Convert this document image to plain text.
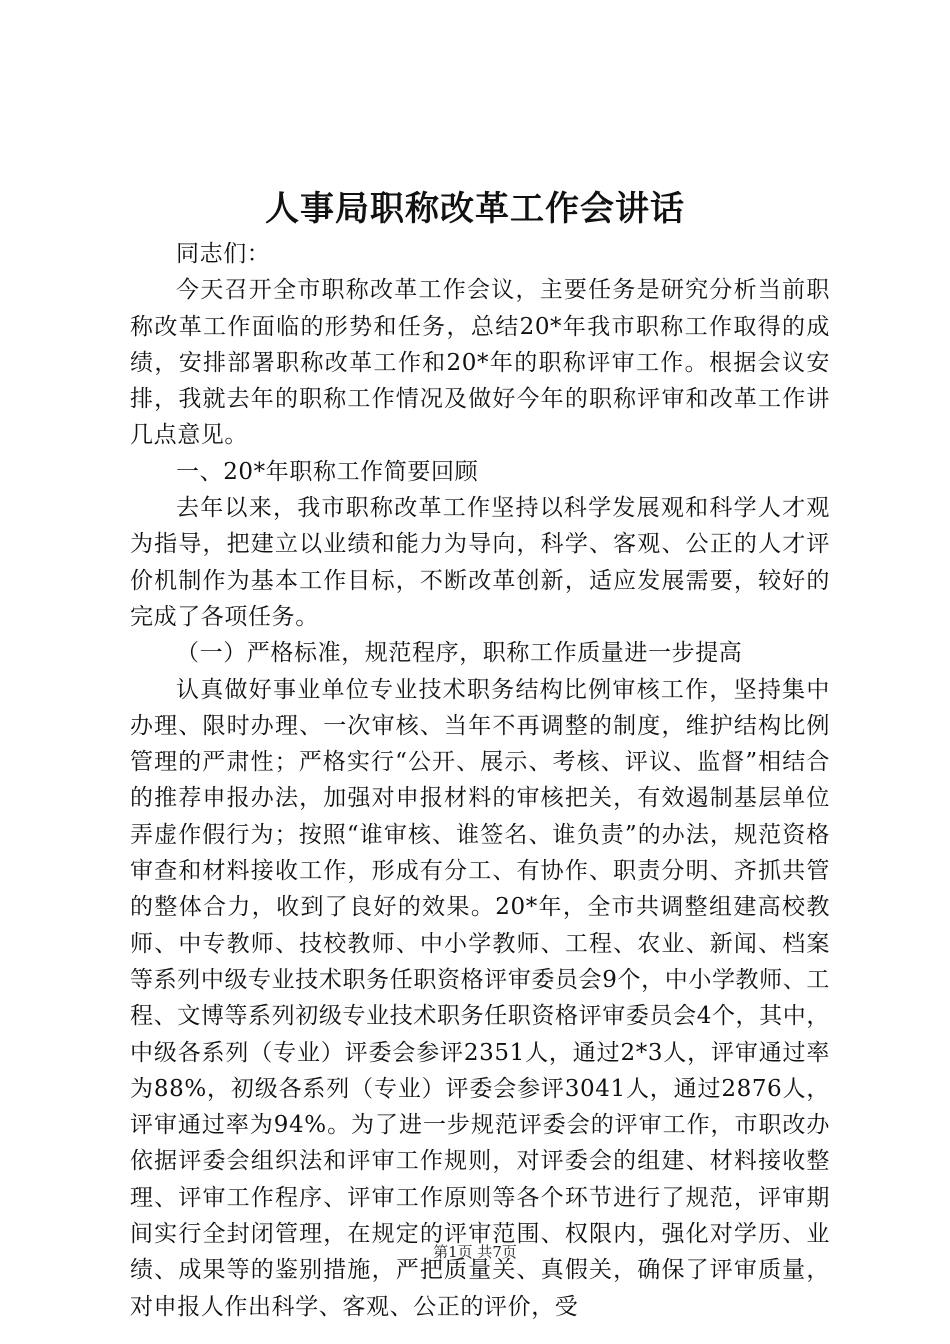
人事局职称改革工作会讲话

同志们：

今天召开全市职称改革工作会议，主要任务是研究分析当前职称改革工作面临的形势和任务，总结20*年我市职称工作取得的成绩，安排部署职称改革工作和20*年的职称评审工作。根据会议安排，我就去年的职称工作情况及做好今年的职称评审和改革工作讲几点意见。

一、20*年职称工作简要回顾

去年以来，我市职称改革工作坚持以科学发展观和科学人才观为指导，把建立以业绩和能力为导向，科学、客观、公正的人才评价机制作为基本工作目标，不断改革创新，适应发展需要，较好的完成了各项任务。

（一）严格标准，规范程序，职称工作质量进一步提高

认真做好事业单位专业技术职务结构比例审核工作，坚持集中办理、限时办理、一次审核、当年不再调整的制度，维护结构比例管理的严肃性；严格实行“公开、展示、考核、评议、监督”相结合的推荐申报办法，加强对申报材料的审核把关，有效遏制基层单位弄虚作假行为；按照“谁审核、谁签名、谁负责”的办法，规范资格审查和材料接收工作，形成有分工、有协作、职责分明、齐抓共管的整体合力，收到了良好的效果。20*年，全市共调整组建高校教师、中专教师、技校教师、中小学教师、工程、农业、新闻、档案等系列中级专业技术职务任职资格评审委员会9个，中小学教师、工程、文博等系列初级专业技术职务任职资格评审委员会4个，其中，中级各系列（专业）评委会参评2351人，通过2*3人，评审通过率为88%，初级各系列（专业）评委会参评3041人，通过2876人，评审通过率为94%。为了进一步规范评委会的评审工作，市职改办依据评委会组织法和评审工作规则，对评委会的组建、材料接收整理、评审工作程序、评审工作原则等各个环节进行了规范，评审期间实行全封闭管理，在规定的评审范围、权限内，强化对学历、业绩、成果等的鉴别措施，严把质量关、真假关，确保了评审质量，对申报人作出科学、客观、公正的评价，受

第1页 共7页
